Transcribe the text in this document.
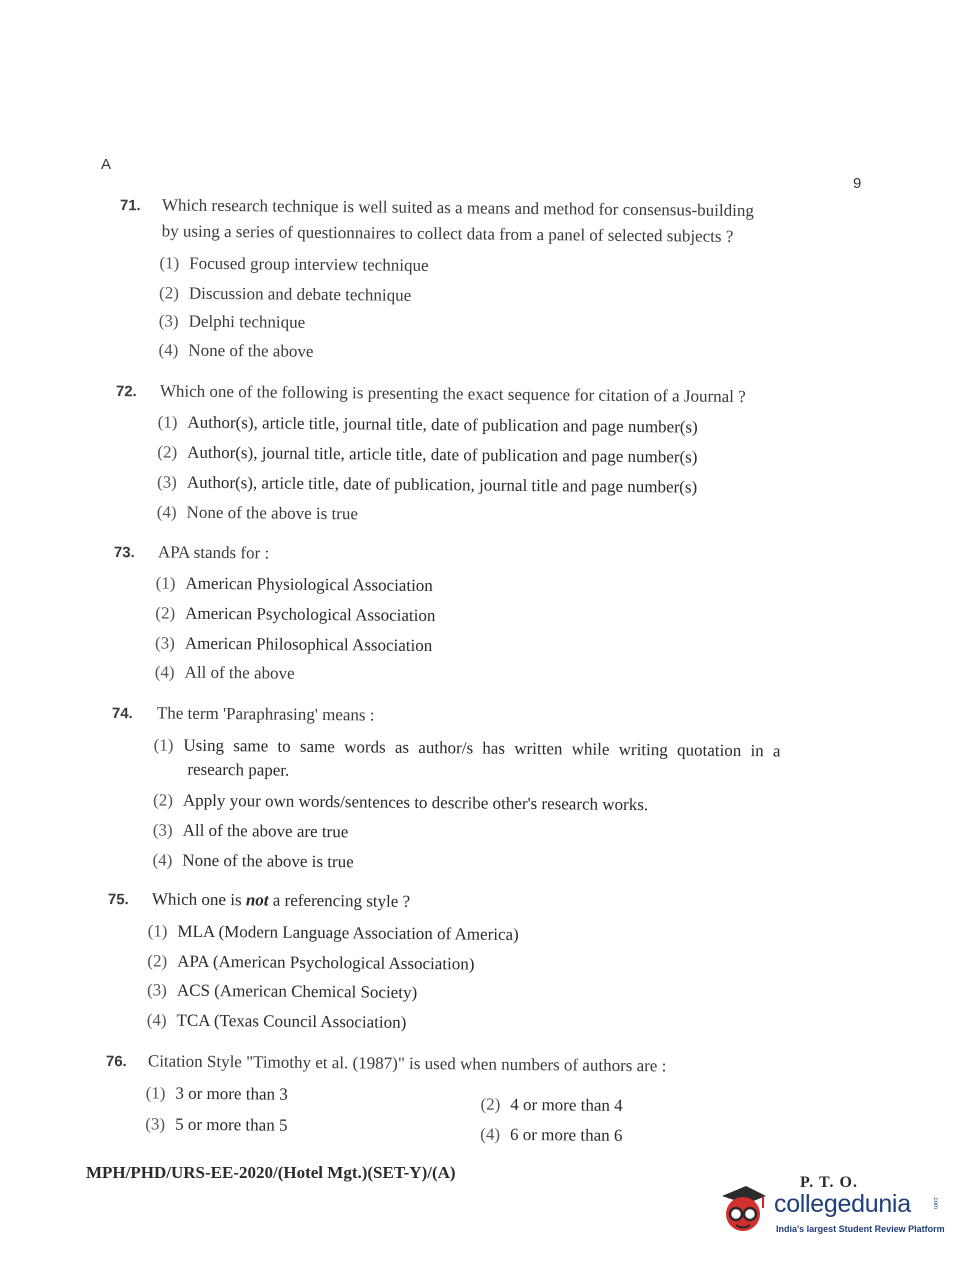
A
9
71. Which research technique is well suited as a means and method for consensus-building
by using a series of questionnaires to collect data from a panel of selected subjects ?
(1) Focused group interview technique
(2) Discussion and debate technique
(3) Delphi technique
(4) None of the above
72. Which one of the following is presenting the exact sequence for citation of a Journal ?
(1) Author(s), article title, journal title, date of publication and page number(s)
(2) Author(s), journal title, article title, date of publication and page number(s)
(3) Author(s), article title, date of publication, journal title and page number(s)
(4) None of the above is true
73. APA stands for :
(1) American Physiological Association
(2) American Psychological Association
(3) American Philosophical Association
(4) All of the above
74. The term 'Paraphrasing' means :
(1) Using same to same words as author/s has written while writing quotation in a
research paper.
(2) Apply your own words/sentences to describe other's research works.
(3) All of the above are true
(4) None of the above is true
75. Which one is not a referencing style ?
(1) MLA (Modern Language Association of America)
(2) APA (American Psychological Association)
(3) ACS (American Chemical Society)
(4) TCA (Texas Council Association)
76. Citation Style "Timothy et al. (1987)" is used when numbers of authors are :
(1) 3 or more than 3
(2) 4 or more than 4
(3) 5 or more than 5	(4) 6 or more than 6
MPH/PHD/URS-EE-2020/(Hotel Mgt.)(SET-Y)/(A)
P. T. O.
collegedunia	.com
India's largest Student Review Platform
